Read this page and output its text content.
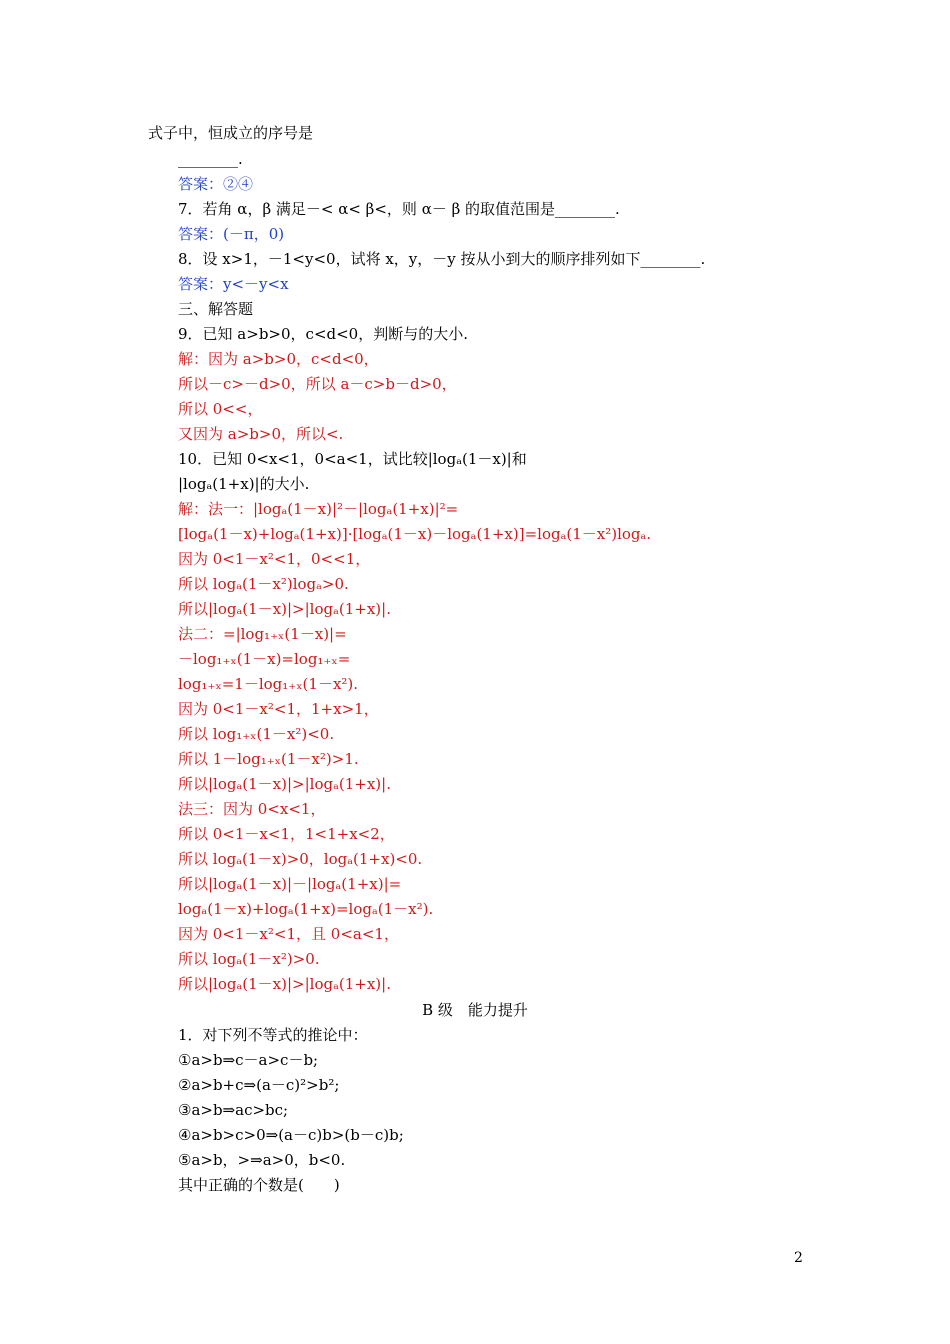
式子中，恒成立的序号是
________.
答案：②④
7．若角 α，β 满足－< α< β<，则 α－ β 的取值范围是________.
答案：(－π，0)
8．设 x>1，－1<y<0，试将 x，y，－y 按从小到大的顺序排列如下________.
答案：y<－y<x
三、解答题
9．已知 a>b>0，c<d<0，判断与的大小.
解：因为 a>b>0，c<d<0，
所以－c>－d>0，所以 a－c>b－d>0，
所以 0<<，
又因为 a>b>0，所以<.
10．已知 0<x<1，0<a<1，试比较|logₐ(1－x)|和
|logₐ(1+x)|的大小.
解：法一：|logₐ(1－x)|²－|logₐ(1+x)|²=
[logₐ(1－x)+logₐ(1+x)]·[logₐ(1－x)－logₐ(1+x)]=logₐ(1－x²)logₐ.
因为 0<1－x²<1，0<<1，
所以 logₐ(1－x²)logₐ>0.
所以|logₐ(1－x)|>|logₐ(1+x)|.
法二：=|log₁₊ₓ(1－x)|=
－log₁₊ₓ(1－x)=log₁₊ₓ=
log₁₊ₓ=1－log₁₊ₓ(1－x²).
因为 0<1－x²<1，1+x>1，
所以 log₁₊ₓ(1－x²)<0.
所以 1－log₁₊ₓ(1－x²)>1.
所以|logₐ(1－x)|>|logₐ(1+x)|.
法三：因为 0<x<1，
所以 0<1－x<1，1<1+x<2，
所以 logₐ(1－x)>0，logₐ(1+x)<0.
所以|logₐ(1－x)|－|logₐ(1+x)|=
logₐ(1－x)+logₐ(1+x)=logₐ(1－x²).
因为 0<1－x²<1，且 0<a<1，
所以 logₐ(1－x²)>0.
所以|logₐ(1－x)|>|logₐ(1+x)|.
B 级　能力提升
1．对下列不等式的推论中：
①a>b⇒c－a>c－b;
②a>b+c⇒(a－c)²>b²;
③a>b⇒ac>bc;
④a>b>c>0⇒(a－c)b>(b－c)b;
⑤a>b，>⇒a>0，b<0.
其中正确的个数是(　　)
2
